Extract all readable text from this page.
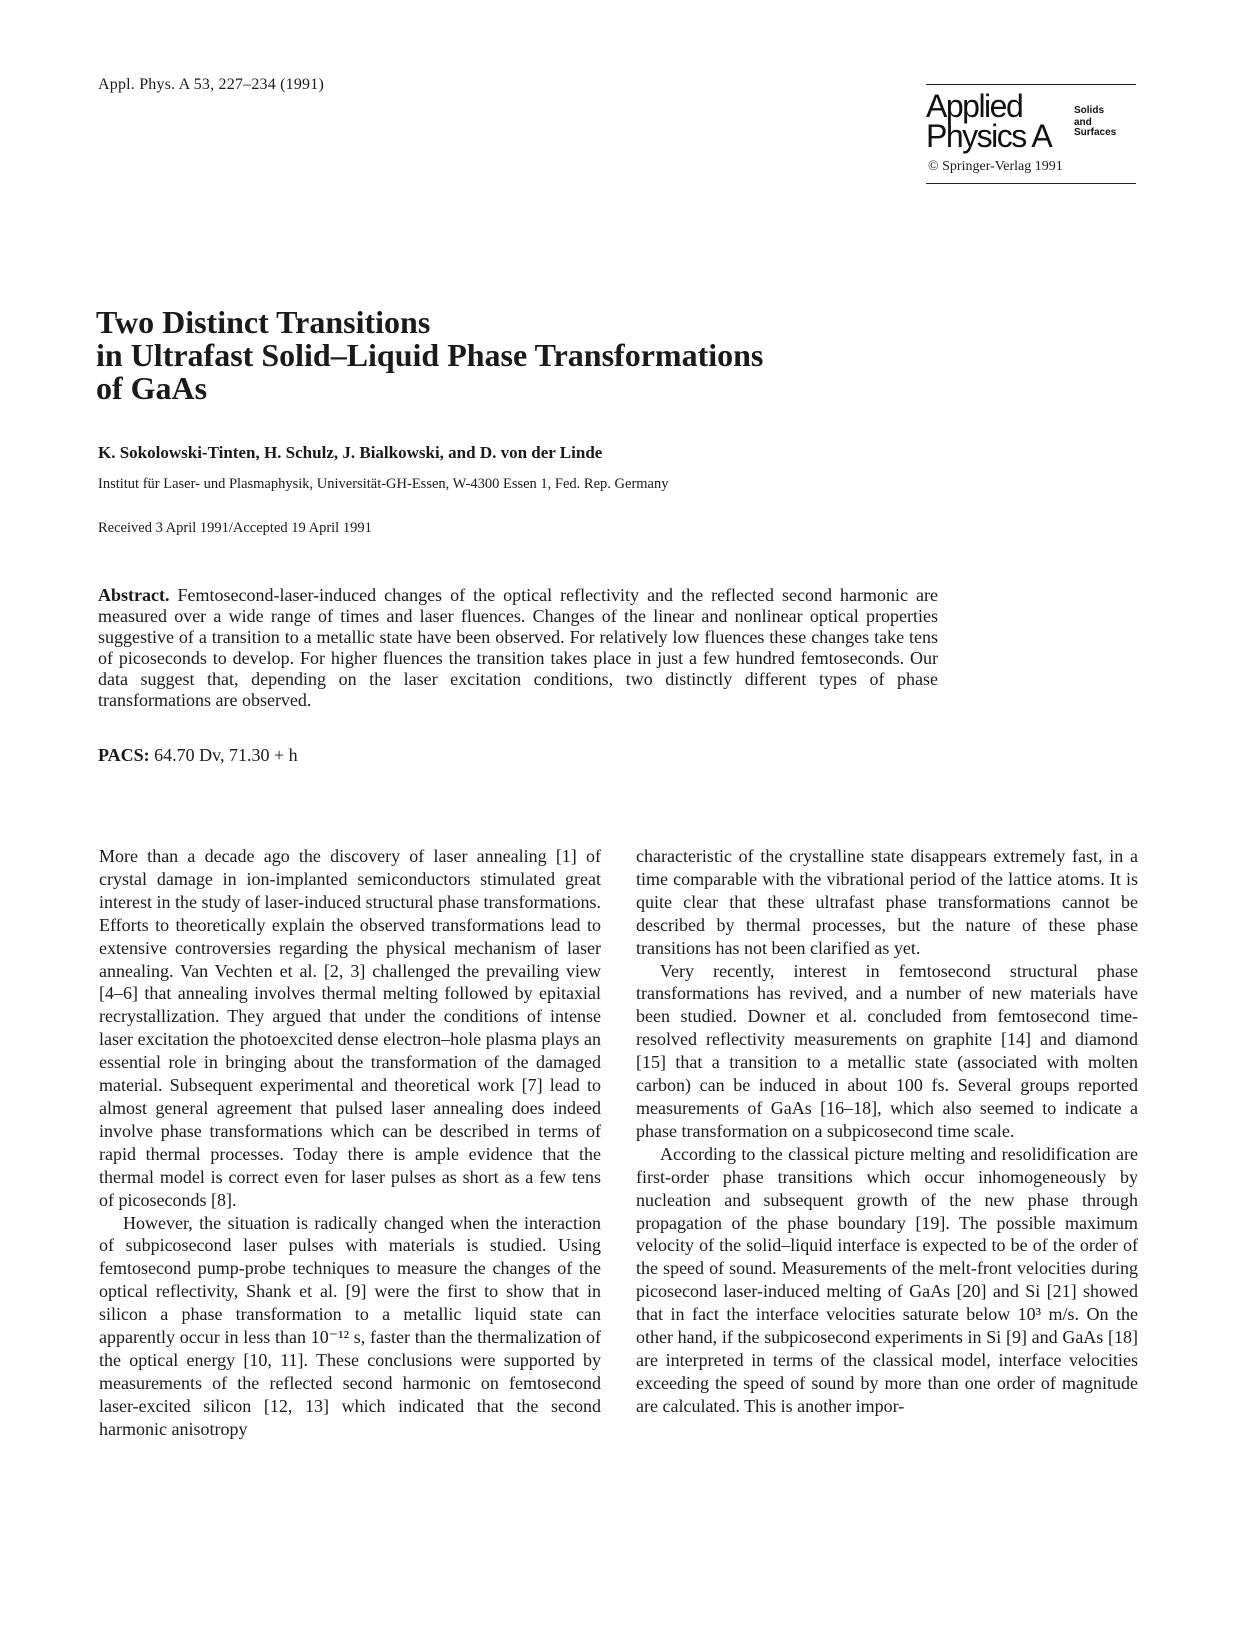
Appl. Phys. A 53, 227–234 (1991)
Applied
Physics A
Solids
and
Surfaces
© Springer-Verlag 1991
Two Distinct Transitions
in Ultrafast Solid–Liquid Phase Transformations
of GaAs
K. Sokolowski-Tinten, H. Schulz, J. Bialkowski, and D. von der Linde
Institut für Laser- und Plasmaphysik, Universität-GH-Essen, W-4300 Essen 1, Fed. Rep. Germany
Received 3 April 1991/Accepted 19 April 1991

Abstract. Femtosecond-laser-induced changes of the optical reflectivity and the reflected second harmonic are measured over a wide range of times and laser fluences. Changes of the linear and nonlinear optical properties suggestive of a transition to a metallic state have been observed. For relatively low fluences these changes take tens of picoseconds to develop. For higher fluences the transition takes place in just a few hundred femtoseconds. Our data suggest that, depending on the laser excitation conditions, two distinctly different types of phase transformations are observed.

PACS: 64.70 Dv, 71.30 + h

More than a decade ago the discovery of laser annealing [1] of crystal damage in ion-implanted semiconductors stimulated great interest in the study of laser-induced structural phase transformations. Efforts to theoretically explain the observed transformations lead to extensive controversies regarding the physical mechanism of laser annealing. Van Vechten et al. [2, 3] challenged the prevailing view [4–6] that annealing involves thermal melting followed by epitaxial recrystallization. They argued that under the conditions of intense laser excitation the photoexcited dense electron–hole plasma plays an essential role in bringing about the transformation of the damaged material. Subsequent experimental and theoretical work [7] lead to almost general agreement that pulsed laser annealing does indeed involve phase transformations which can be described in terms of rapid thermal processes. Today there is ample evidence that the thermal model is correct even for laser pulses as short as a few tens of picoseconds [8].

However, the situation is radically changed when the interaction of subpicosecond laser pulses with materials is studied. Using femtosecond pump-probe techniques to measure the changes of the optical reflectivity, Shank et al. [9] were the first to show that in silicon a phase transformation to a metallic liquid state can apparently occur in less than 10⁻¹² s, faster than the thermalization of the optical energy [10, 11]. These conclusions were supported by measurements of the reflected second harmonic on femtosecond laser-excited silicon [12, 13] which indicated that the second harmonic anisotropy

characteristic of the crystalline state disappears extremely fast, in a time comparable with the vibrational period of the lattice atoms. It is quite clear that these ultrafast phase transformations cannot be described by thermal processes, but the nature of these phase transitions has not been clarified as yet.

Very recently, interest in femtosecond structural phase transformations has revived, and a number of new materials have been studied. Downer et al. concluded from femtosecond time-resolved reflectivity measurements on graphite [14] and diamond [15] that a transition to a metallic state (associated with molten carbon) can be induced in about 100 fs. Several groups reported measurements of GaAs [16–18], which also seemed to indicate a phase transformation on a subpicosecond time scale.

According to the classical picture melting and resolidification are first-order phase transitions which occur inhomogeneously by nucleation and subsequent growth of the new phase through propagation of the phase boundary [19]. The possible maximum velocity of the solid–liquid interface is expected to be of the order of the speed of sound. Measurements of the melt-front velocities during picosecond laser-induced melting of GaAs [20] and Si [21] showed that in fact the interface velocities saturate below 10³ m/s. On the other hand, if the subpicosecond experiments in Si [9] and GaAs [18] are interpreted in terms of the classical model, interface velocities exceeding the speed of sound by more than one order of magnitude are calculated. This is another impor-
